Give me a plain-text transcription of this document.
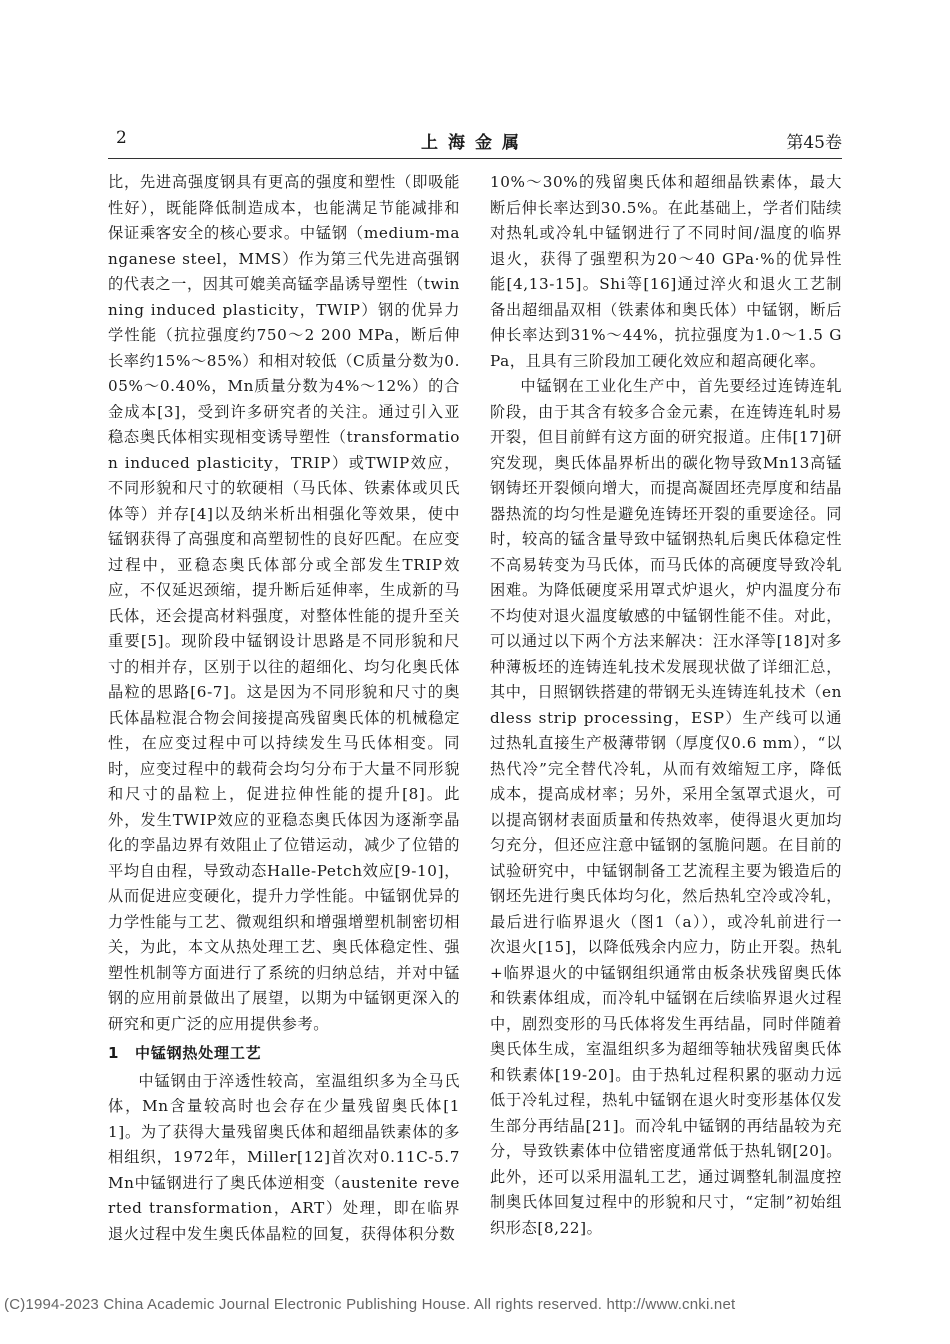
2	上海金属	第45卷

比，先进高强度钢具有更高的强度和塑性（即吸能性好），既能降低制造成本，也能满足节能减排和保证乘客安全的核心要求。中锰钢（medium-manganese steel，MMS）作为第三代先进高强钢的代表之一，因其可媲美高锰孪晶诱导塑性（twinning induced plasticity，TWIP）钢的优异力学性能（抗拉强度约750～2 200 MPa，断后伸长率约15%～85%）和相对较低（C质量分数为0.05%～0.40%，Mn质量分数为4%～12%）的合金成本[3]，受到许多研究者的关注。通过引入亚稳态奥氏体相实现相变诱导塑性（transformation induced plasticity，TRIP）或TWIP效应，不同形貌和尺寸的软硬相（马氏体、铁素体或贝氏体等）并存[4]以及纳米析出相强化等效果，使中锰钢获得了高强度和高塑韧性的良好匹配。在应变过程中，亚稳态奥氏体部分或全部发生TRIP效应，不仅延迟颈缩，提升断后延伸率，生成新的马氏体，还会提高材料强度，对整体性能的提升至关重要[5]。现阶段中锰钢设计思路是不同形貌和尺寸的相并存，区别于以往的超细化、均匀化奥氏体晶粒的思路[6-7]。这是因为不同形貌和尺寸的奥氏体晶粒混合物会间接提高残留奥氏体的机械稳定性，在应变过程中可以持续发生马氏体相变。同时，应变过程中的载荷会均匀分布于大量不同形貌和尺寸的晶粒上，促进拉伸性能的提升[8]。此外，发生TWIP效应的亚稳态奥氏体因为逐渐孪晶化的孪晶边界有效阻止了位错运动，减少了位错的平均自由程，导致动态Halle-Petch效应[9-10]，从而促进应变硬化，提升力学性能。中锰钢优异的力学性能与工艺、微观组织和增强增塑机制密切相关，为此，本文从热处理工艺、奥氏体稳定性、强塑性机制等方面进行了系统的归纳总结，并对中锰钢的应用前景做出了展望，以期为中锰钢更深入的研究和更广泛的应用提供参考。

1　中锰钢热处理工艺

中锰钢由于淬透性较高，室温组织多为全马氏体，Mn含量较高时也会存在少量残留奥氏体[11]。为了获得大量残留奥氏体和超细晶铁素体的多相组织，1972年，Miller[12]首次对0.11C-5.7Mn中锰钢进行了奥氏体逆相变（austenite reverted transformation，ART）处理，即在临界退火过程中发生奥氏体晶粒的回复，获得体积分数

10%～30%的残留奥氏体和超细晶铁素体，最大断后伸长率达到30.5%。在此基础上，学者们陆续对热轧或冷轧中锰钢进行了不同时间/温度的临界退火，获得了强塑积为20～40 GPa·%的优异性能[4,13-15]。Shi等[16]通过淬火和退火工艺制备出超细晶双相（铁素体和奥氏体）中锰钢，断后伸长率达到31%～44%，抗拉强度为1.0～1.5 GPa，且具有三阶段加工硬化效应和超高硬化率。

中锰钢在工业化生产中，首先要经过连铸连轧阶段，由于其含有较多合金元素，在连铸连轧时易开裂，但目前鲜有这方面的研究报道。庄伟[17]研究发现，奥氏体晶界析出的碳化物导致Mn13高锰钢铸坯开裂倾向增大，而提高凝固坯壳厚度和结晶器热流的均匀性是避免连铸坯开裂的重要途径。同时，较高的锰含量导致中锰钢热轧后奥氏体稳定性不高易转变为马氏体，而马氏体的高硬度导致冷轧困难。为降低硬度采用罩式炉退火，炉内温度分布不均使对退火温度敏感的中锰钢性能不佳。对此，可以通过以下两个方法来解决：汪水泽等[18]对多种薄板坯的连铸连轧技术发展现状做了详细汇总，其中，日照钢铁搭建的带钢无头连铸连轧技术（endless strip processing，ESP）生产线可以通过热轧直接生产极薄带钢（厚度仅0.6 mm），“以热代冷”完全替代冷轧，从而有效缩短工序，降低成本，提高成材率；另外，采用全氢罩式退火，可以提高钢材表面质量和传热效率，使得退火更加均匀充分，但还应注意中锰钢的氢脆问题。在目前的试验研究中，中锰钢制备工艺流程主要为锻造后的钢坯先进行奥氏体均匀化，然后热轧空冷或冷轧，最后进行临界退火（图1（a）），或冷轧前进行一次退火[15]，以降低残余内应力，防止开裂。热轧+临界退火的中锰钢组织通常由板条状残留奥氏体和铁素体组成，而冷轧中锰钢在后续临界退火过程中，剧烈变形的马氏体将发生再结晶，同时伴随着奥氏体生成，室温组织多为超细等轴状残留奥氏体和铁素体[19-20]。由于热轧过程积累的驱动力远低于冷轧过程，热轧中锰钢在退火时变形基体仅发生部分再结晶[21]。而冷轧中锰钢的再结晶较为充分，导致铁素体中位错密度通常低于热轧钢[20]。此外，还可以采用温轧工艺，通过调整轧制温度控制奥氏体回复过程中的形貌和尺寸，“定制”初始组织形态[8,22]。

(C)1994-2023 China Academic Journal Electronic Publishing House. All rights reserved. http://www.cnki.net
